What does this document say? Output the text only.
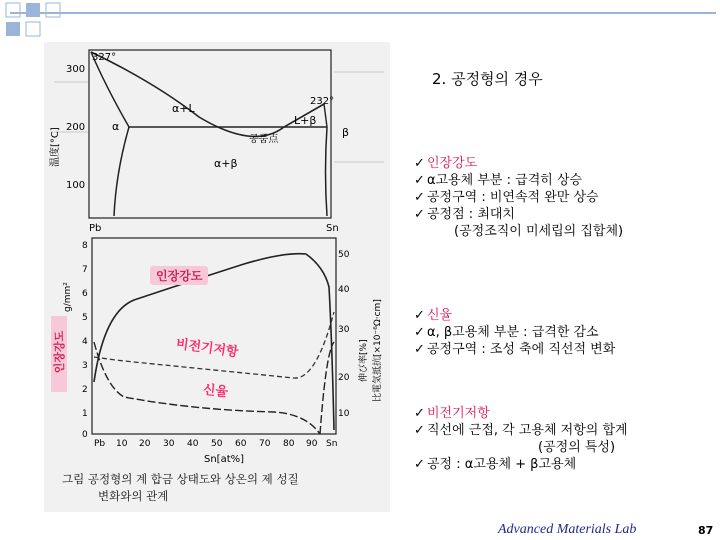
2. 공정형의 경우
327°
232°
α+L
L+β
α
α+β
공품点
β
Pb	Sn
300
200
100
温度[°C]
8
7
6
5
4
3
2
1
0
g/mm²
10
20
30
40
50
比電気抵抗[×10⁻⁶Ω·cm]
伸び率[%]
Pb 10 20 30 40 50 60 70 80 90 Sn
Sn[at%]
인장강도
비전기저항
신율
인장강도
그림 공정형의 계 합금 상태도와 상온의 제 성질
변화와의 관계
✓ 인장강도
✓ α고용체 부분 : 급격히 상승
✓ 공정구역 : 비연속적 완만 상승
✓ 공정점 : 최대치
(공정조직이 미세립의 집합체)
✓ 신율
✓ α, β고용체 부분 : 급격한 감소
✓ 공정구역 : 조성 축에 직선적 변화
✓ 비전기저항
✓ 직선에 근접, 각 고용체 저항의 합계
(공정의 특성)
✓ 공정 : α고용체 + β고용체
Advanced Materials Lab	87
